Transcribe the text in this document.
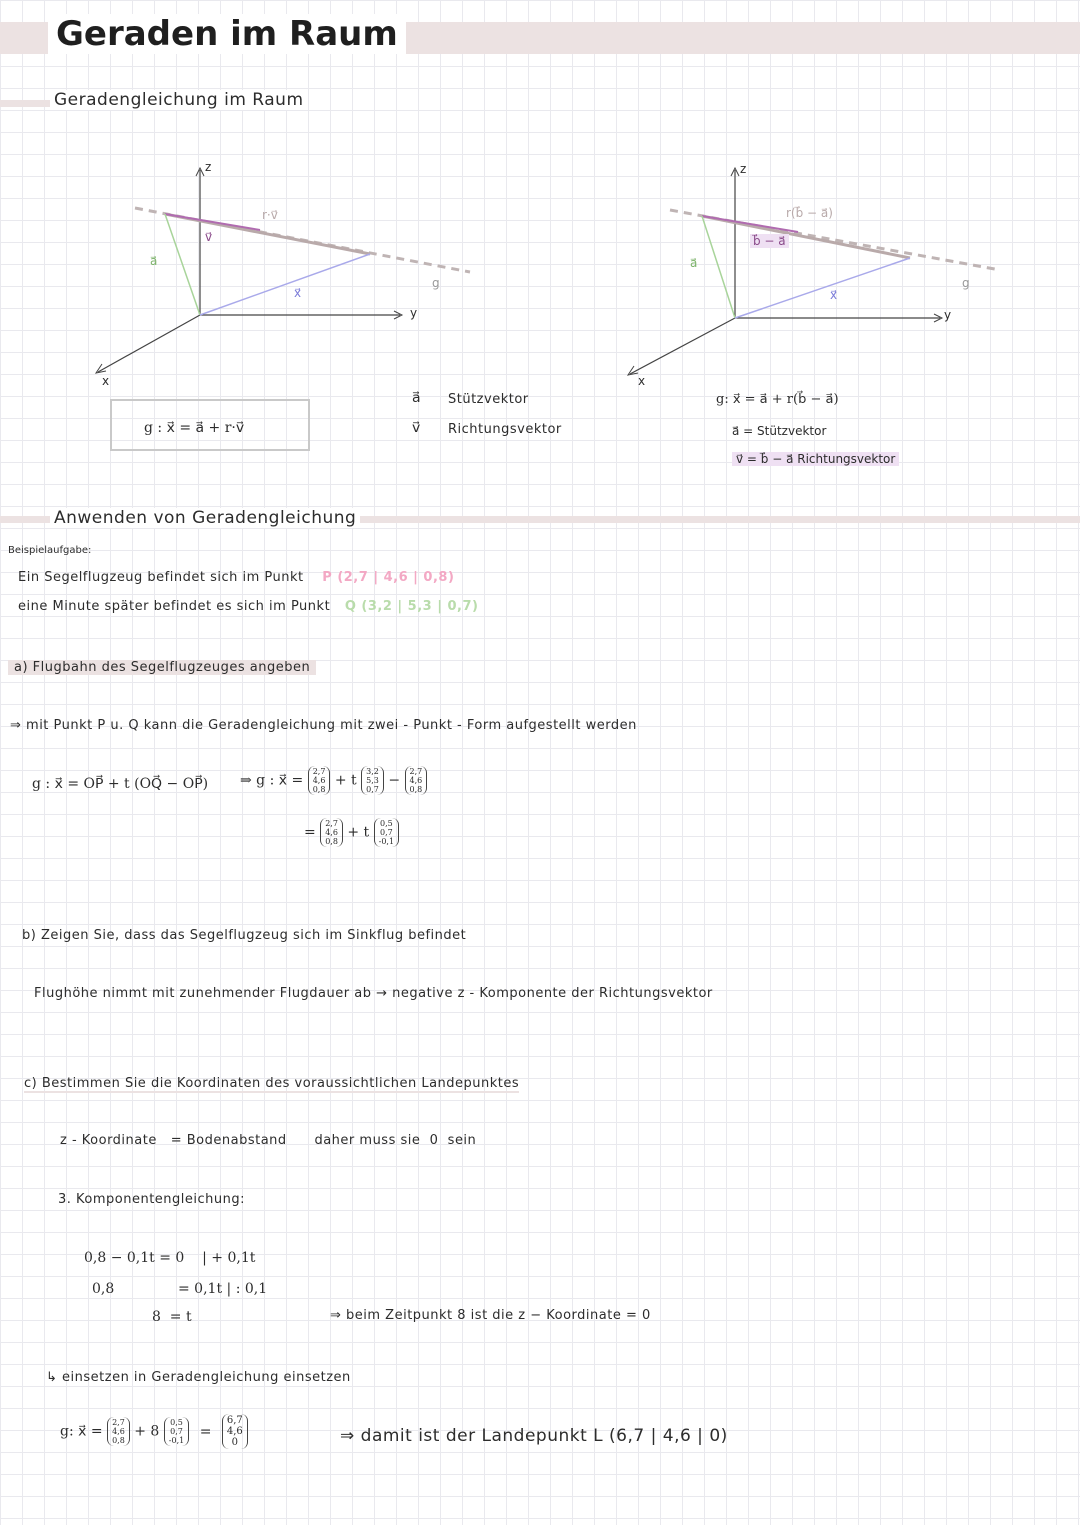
Geraden im Raum
Geradengleichung im Raum
z
y
x
r·v⃗
v⃗
a⃗
x⃗
g
g : x⃗ = a⃗ + r·v⃗
a⃗ Stützvektor
v⃗ Richtungsvektor
z
y
x
r(b⃗ − a⃗)
b⃗ − a⃗
a⃗
x⃗
g
g: x⃗ = a⃗ + r(b⃗ − a⃗)
a⃗ = Stützvektor
v⃗ = b⃗ − a⃗ Richtungsvektor
Anwenden von Geradengleichung
Beispielaufgabe:
Ein Segelflugzeug befindet sich im Punkt P (2,7 | 4,6 | 0,8)
eine Minute später befindet es sich im Punkt Q (3,2 | 5,3 | 0,7)
a) Flugbahn des Segelflugzeuges angeben
⇒ mit Punkt P u. Q kann die Geradengleichung mit zwei - Punkt - Form aufgestellt werden
g : x⃗ = OP⃗ + t (OQ⃗ − OP⃗) ⇒ g : x⃗ = 2,7
4,6
0,8 + t 3,2
5,3
0,7 − 2,7
4,6
0,8
= 2,7
4,6
0,8 + t 0,5
0,7
-0,1
b) Zeigen Sie, dass das Segelflugzeug sich im Sinkflug befindet
Flughöhe nimmt mit zunehmender Flugdauer ab → negative z - Komponente der Richtungsvektor
c) Bestimmen Sie die Koordinaten des voraussichtlichen Landepunktes
z - Koordinate   = Bodenabstand      daher muss sie  0  sein
3. Komponentengleichung:
0,8 − 0,1t = 0    | + 0,1t
0,8	= 0,1t | : 0,1
8  = t	⇒ beim Zeitpunkt 8 ist die z − Koordinate = 0
↳ einsetzen in Geradengleichung einsetzen
g: x⃗ = 2,7
4,6
0,8 + 8 0,5
0,7
-0,1 = 6,7
4,6
0	⇒ damit ist der Landepunkt L (6,7 | 4,6 | 0)
